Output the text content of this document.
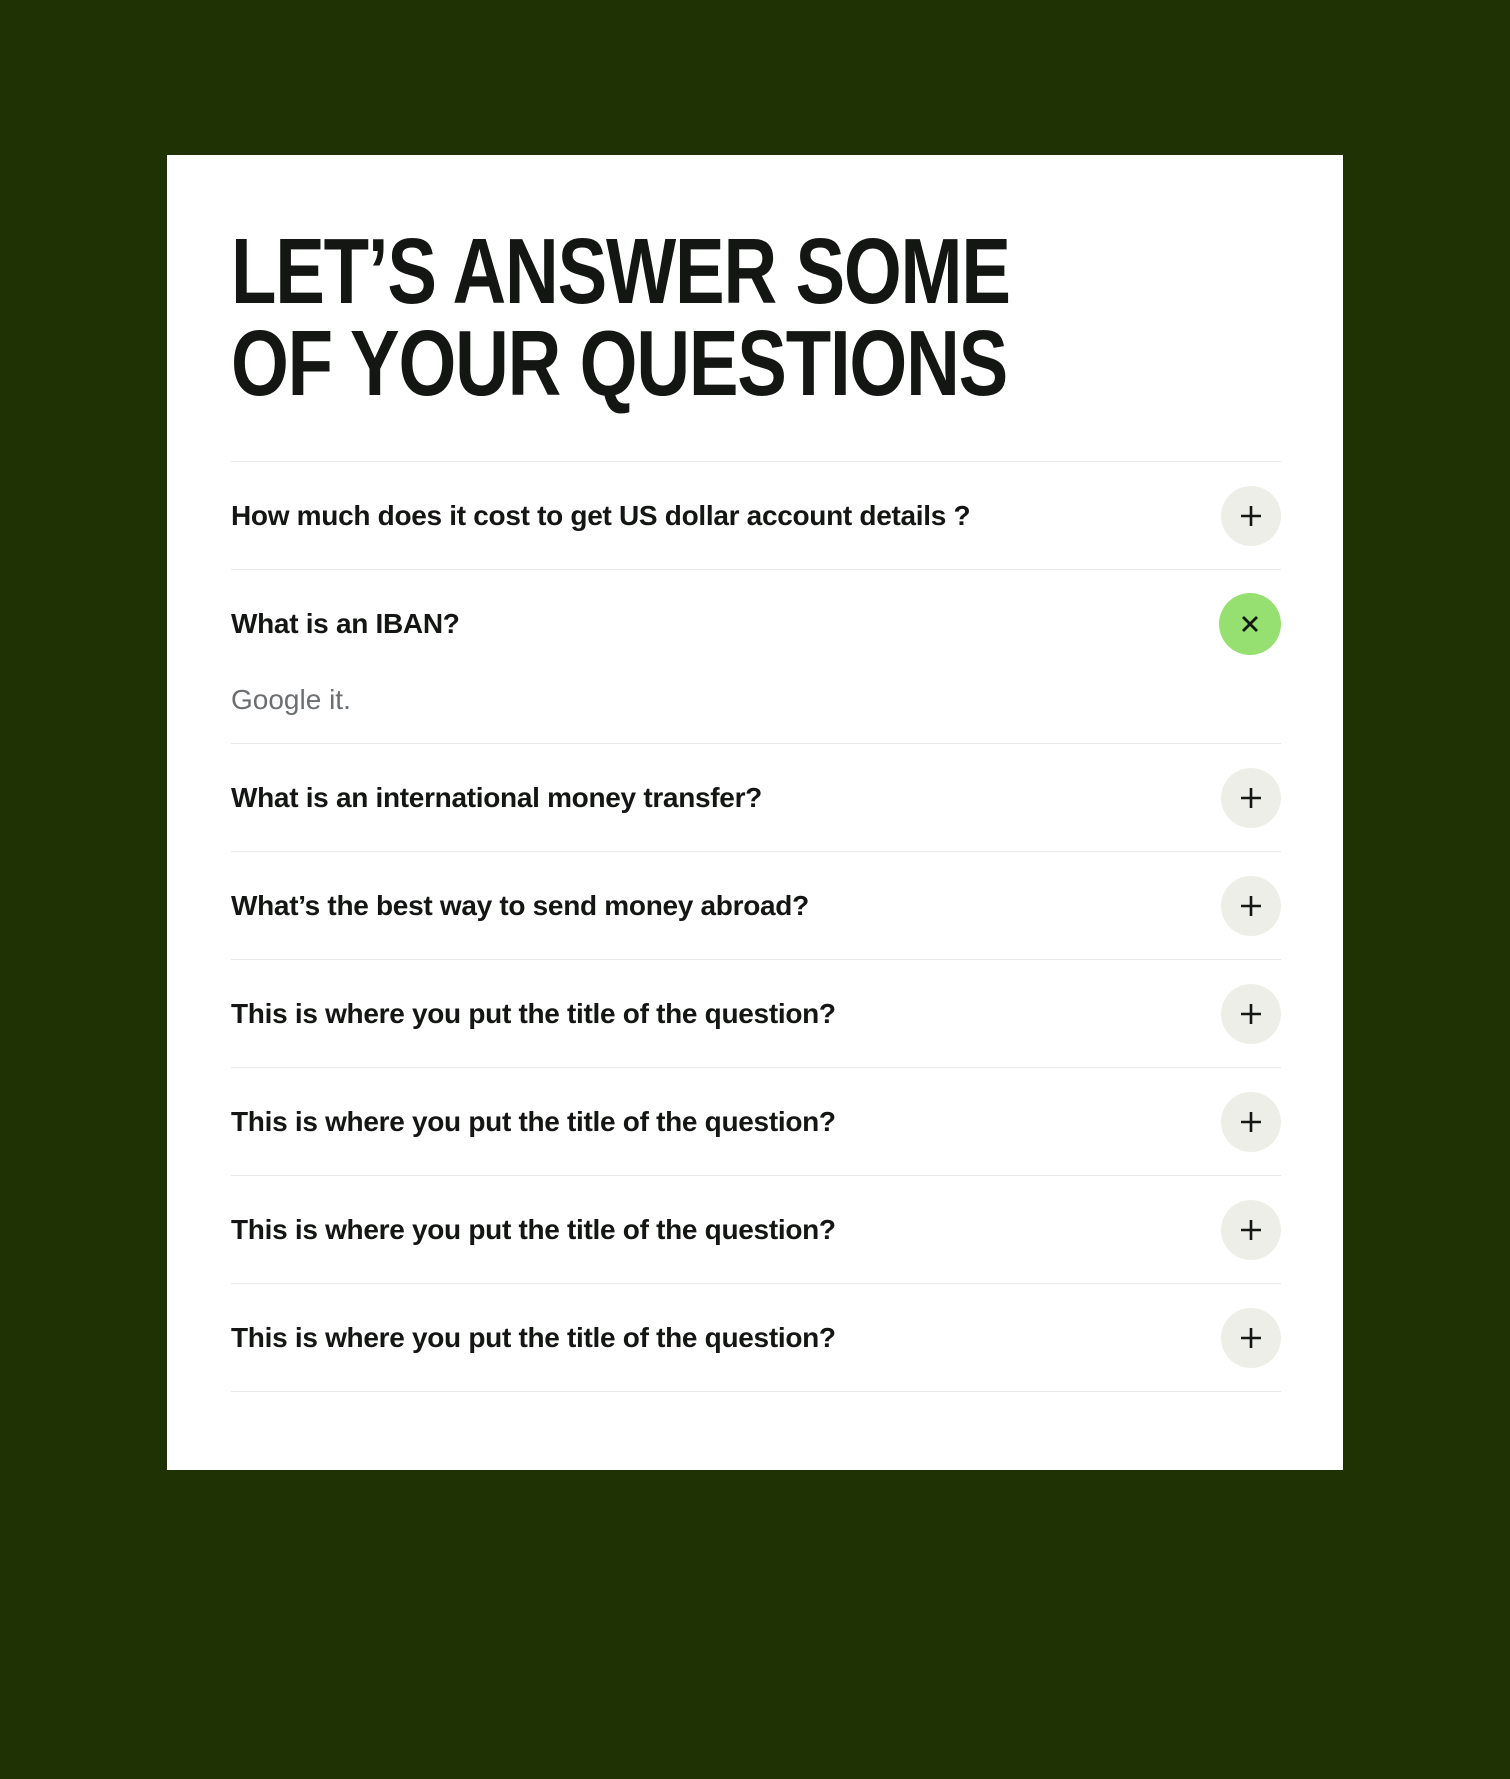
LET’S ANSWER SOME
OF YOUR QUESTIONS
How much does it cost to get US dollar account details ?
What is an IBAN?

Google it.

What is an international money transfer?
What’s the best way to send money abroad?
This is where you put the title of the question?
This is where you put the title of the question?
This is where you put the title of the question?
This is where you put the title of the question?
